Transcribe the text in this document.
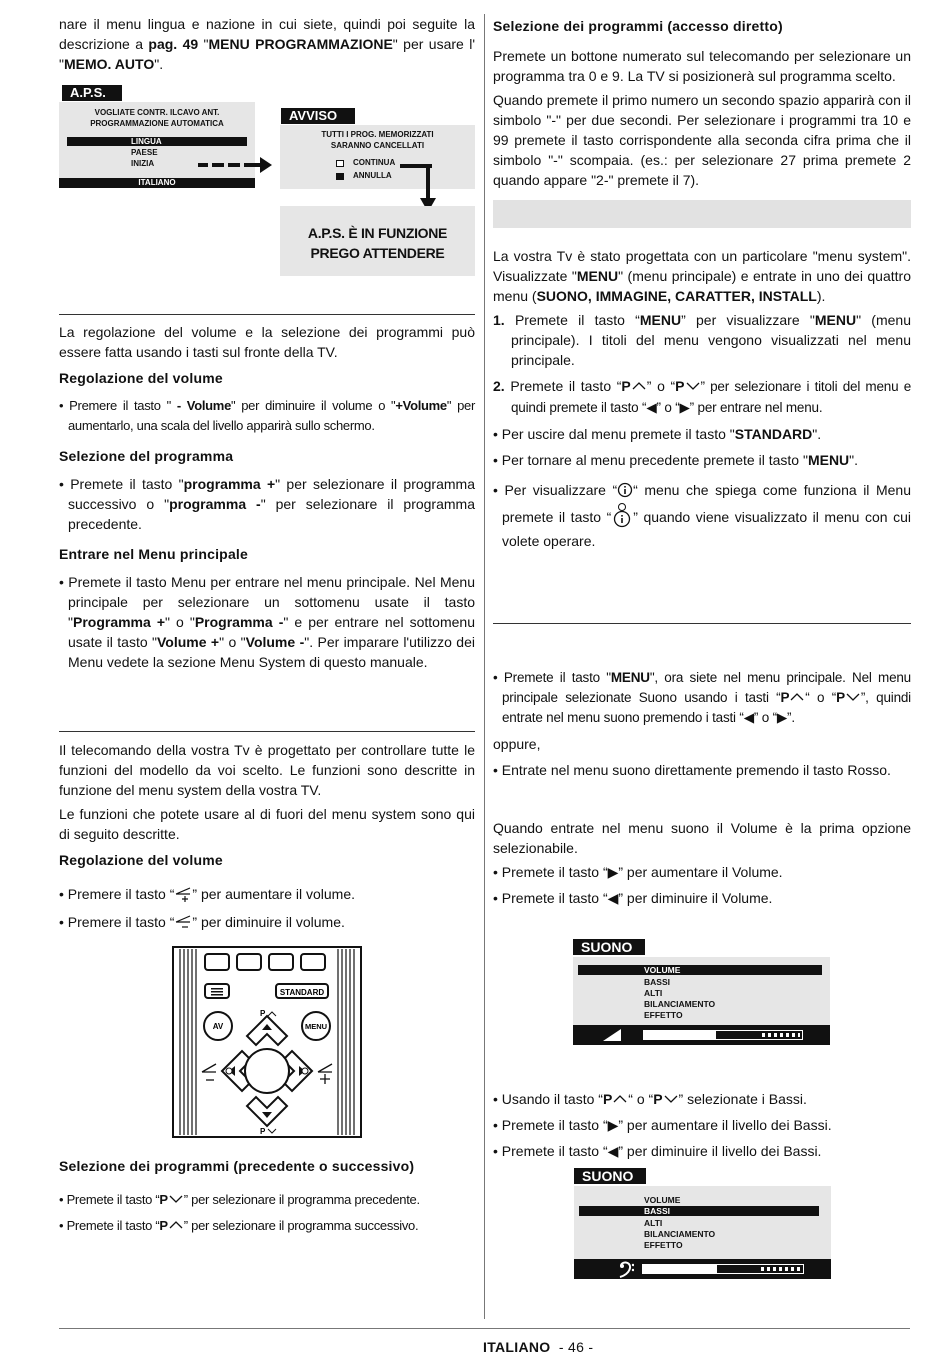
nare il menu lingua e nazione in cui siete, quindi poi seguite la descrizione a pag. 49 "MENU PROGRAMMAZIONE" per usare l' "MEMO. AUTO".

A.P.S.
VOGLIATE CONTR. ILCAVO ANT.
PROGRAMMAZIONE AUTOMATICA
LINGUA
PAESE
INIZIA
ITALIANO
AVVISO
TUTTI I PROG. MEMORIZZATI
SARANNO CANCELLATI
CONTINUA
ANNULLA
A.P.S. È IN FUNZIONE
PREGO ATTENDERE

La regolazione del volume e la selezione dei programmi può essere fatta usando i tasti sul fronte della TV.

Regolazione del volume

• Premere il tasto " - Volume" per diminuire il volume o "+Volume" per aumentarlo, una scala del livello apparirà sullo schermo.

Selezione del programma

• Premete il tasto "programma +" per selezionare il programma successivo o "programma -" per selezionare il programma precedente.

Entrare nel Menu principale

• Premete il tasto Menu per entrare nel menu principale. Nel Menu principale per selezionare un sottomenu usate il tasto "Programma +" o "Programma -" e per entrare nel sottomenu usate il tasto "Volume +" o "Volume -". Per imparare l'utilizzo dei Menu vedete la sezione Menu System di questo manuale.

Il telecomando della vostra Tv è progettato per controllare tutte le funzioni del modello da voi scelto. Le funzioni sono descritte in funzione del menu system della vostra TV.

Le funzioni che potete usare al di fuori del menu system sono qui di seguito descritte.

Regolazione del volume

• Premere il tasto “ ” per aumentare il volume.

• Premere il tasto “ ” per diminuire il volume.

STANDARD
AV	MENU
P
P
Selezione dei programmi (precedente o successivo)

• Premete il tasto “P ” per selezionare il programma precedente.

• Premete il tasto “P ” per selezionare il programma successivo.

Selezione dei programmi (accesso diretto)

Premete un bottone numerato sul telecomando per selezionare un programma tra 0 e 9. La TV si posizionerà sul programma scelto.

Quando premete il primo numero un secondo spazio apparirà con il simbolo "-" per due secondi. Per selezionare i programmi tra 10 e 99 premete il tasto corrispondente alla seconda cifra prima che il simbolo "-" scompaia. (es.: per selezionare 27 prima premete 2 quando appare "2-" premete il 7).

La vostra Tv è stato progettata con un particolare "menu system". Visualizzate "MENU" (menu principale) e entrate in uno dei quattro menu (SUONO, IMMAGINE, CARATTER, INSTALL).

1. Premete il tasto “MENU” per visualizzare "MENU" (menu principale). I titoli del menu vengono visualizzati nel menu principale.

2. Premete il tasto “P ” o “P ” per selezionare i titoli del menu e quindi premete il tasto “◀” o “▶” per entrare nel menu.

• Per uscire dal menu premete il tasto "STANDARD".

• Per tornare al menu precedente premete il tasto "MENU".

• Per visualizzare “ “ menu che spiega come funziona il Menu premete il tasto “ ” quando viene visualizzato il menu con cui volete operare.

• Premete il tasto "MENU", ora siete nel menu principale. Nel menu principale selezionate Suono usando i tasti “P “ o “P ”, quindi entrate nel menu suono premendo i tasti “◀” o “▶”.

oppure,

• Entrate nel menu suono direttamente premendo il tasto Rosso.

Quando entrate nel menu suono il Volume è la prima opzione selezionabile.

• Premete il tasto “▶” per aumentare il Volume.

• Premete il tasto “◀” per diminuire il Volume.

SUONO
VOLUME
BASSI
ALTI
BILANCIAMENTO
EFFETTO

• Usando il tasto “P “ o “P ” selezionate i Bassi.

• Premete il tasto “▶” per aumentare il livello dei Bassi.

• Premete il tasto “◀” per diminuire il livello dei Bassi.

SUONO
VOLUME
BASSI
ALTI
BILANCIAMENTO
EFFETTO
ITALIANO - 46 -
